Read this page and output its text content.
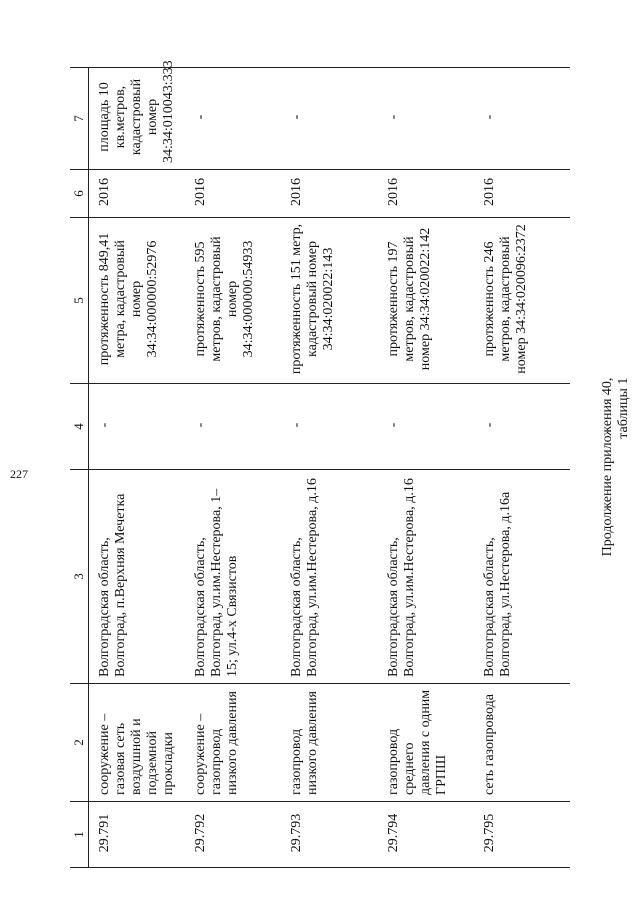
227	Продолжение приложения 40, таблицы 1
1	2	3	4	5	6	7
29.791	сооружение – газовая сеть воздушной и подземной прокладки	Волгоградская область, Волгоград, п.Верхняя Мечетка	-	протяженность 849,41 метра, кадастровый номер 34:34:000000:52976	2016	площадь 10 кв.метров, кадастровый номер 34:34:010043:333
29.792	сооружение – газопровод низкого давления	Волгоградская область, Волгоград, ул.им.Нестерова, 1–15; ул.4-х Связистов	-	протяженность 595 метров, кадастровый номер 34:34:000000:54933	2016	-
29.793	газопровод низкого давления	Волгоградская область, Волгоград, ул.им.Нестерова, д.16	-	протяженность 151 метр, кадастровый номер 34:34:020022:143	2016	-
29.794	газопровод среднего давления с одним ГРПШ	Волгоградская область, Волгоград, ул.им.Нестерова, д.16	-	протяженность 197 метров, кадастровый номер 34:34:020022:142	2016	-
29.795	сеть газопровода	Волгоградская область, Волгоград, ул.Нестерова, д.16а	-	протяженность 246 метров, кадастровый номер 34:34:020096:2372	2016	-
